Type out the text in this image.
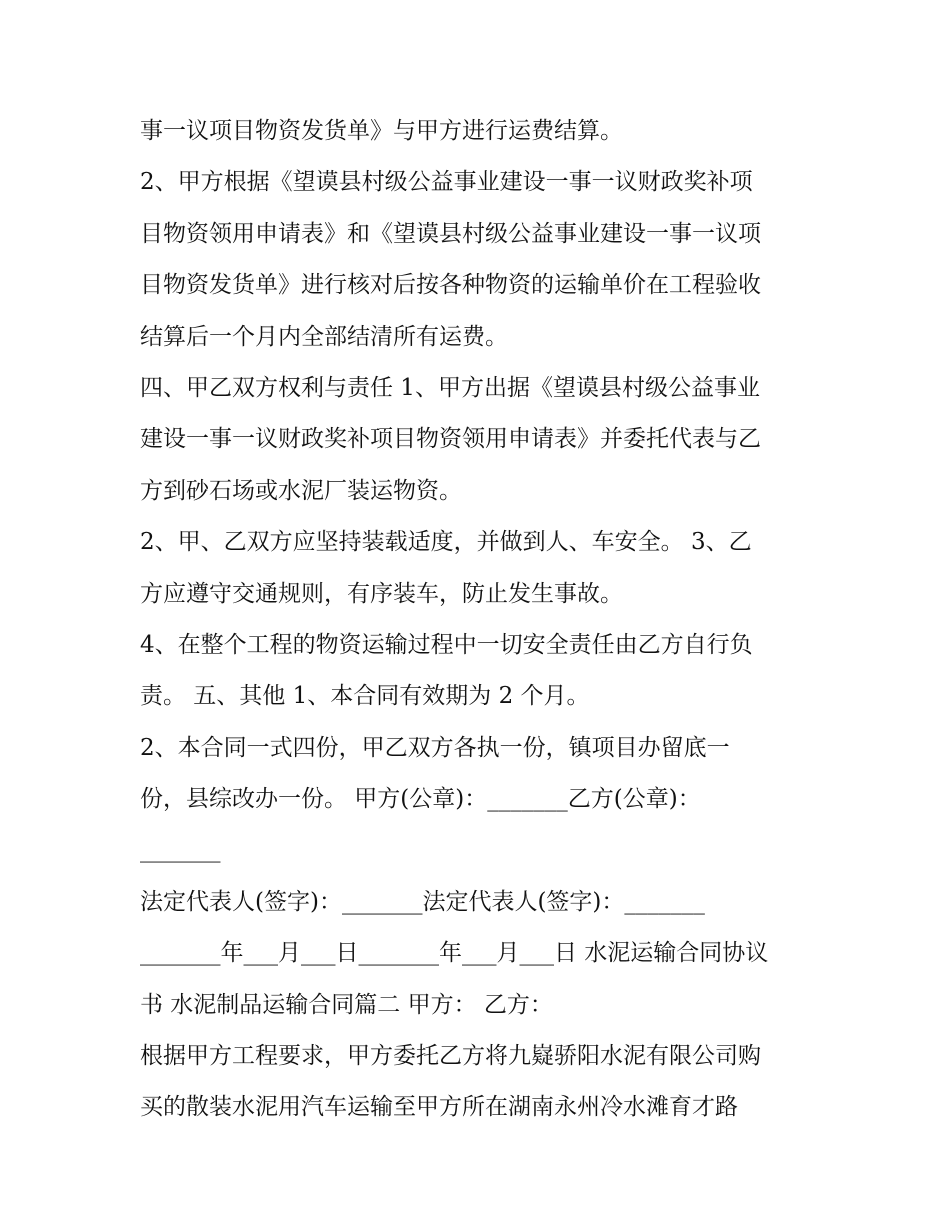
事一议项目物资发货单》与甲方进行运费结算。
2、甲方根据《望谟县村级公益事业建设一事一议财政奖补项
目物资领用申请表》和《望谟县村级公益事业建设一事一议项
目物资发货单》进行核对后按各种物资的运输单价在工程验收
结算后一个月内全部结清所有运费。
四、甲乙双方权利与责任 1、甲方出据《望谟县村级公益事业
建设一事一议财政奖补项目物资领用申请表》并委托代表与乙
方到砂石场或水泥厂装运物资。
2、甲、乙双方应坚持装载适度，并做到人、车安全。 3、乙
方应遵守交通规则，有序装车，防止发生事故。
4、在整个工程的物资运输过程中一切安全责任由乙方自行负
责。 五、其他 1、本合同有效期为 2 个月。
2、本合同一式四份，甲乙双方各执一份，镇项目办留底一
份，县综改办一份。 甲方(公章)：_______乙方(公章)：
_______
法定代表人(签字)：_______法定代表人(签字)：_______
_______年___月___日_______年___月___日 水泥运输合同协议
书 水泥制品运输合同篇二 甲方： 乙方：
根据甲方工程要求，甲方委托乙方将九嶷骄阳水泥有限公司购
买的散装水泥用汽车运输至甲方所在湖南永州冷水滩育才路
